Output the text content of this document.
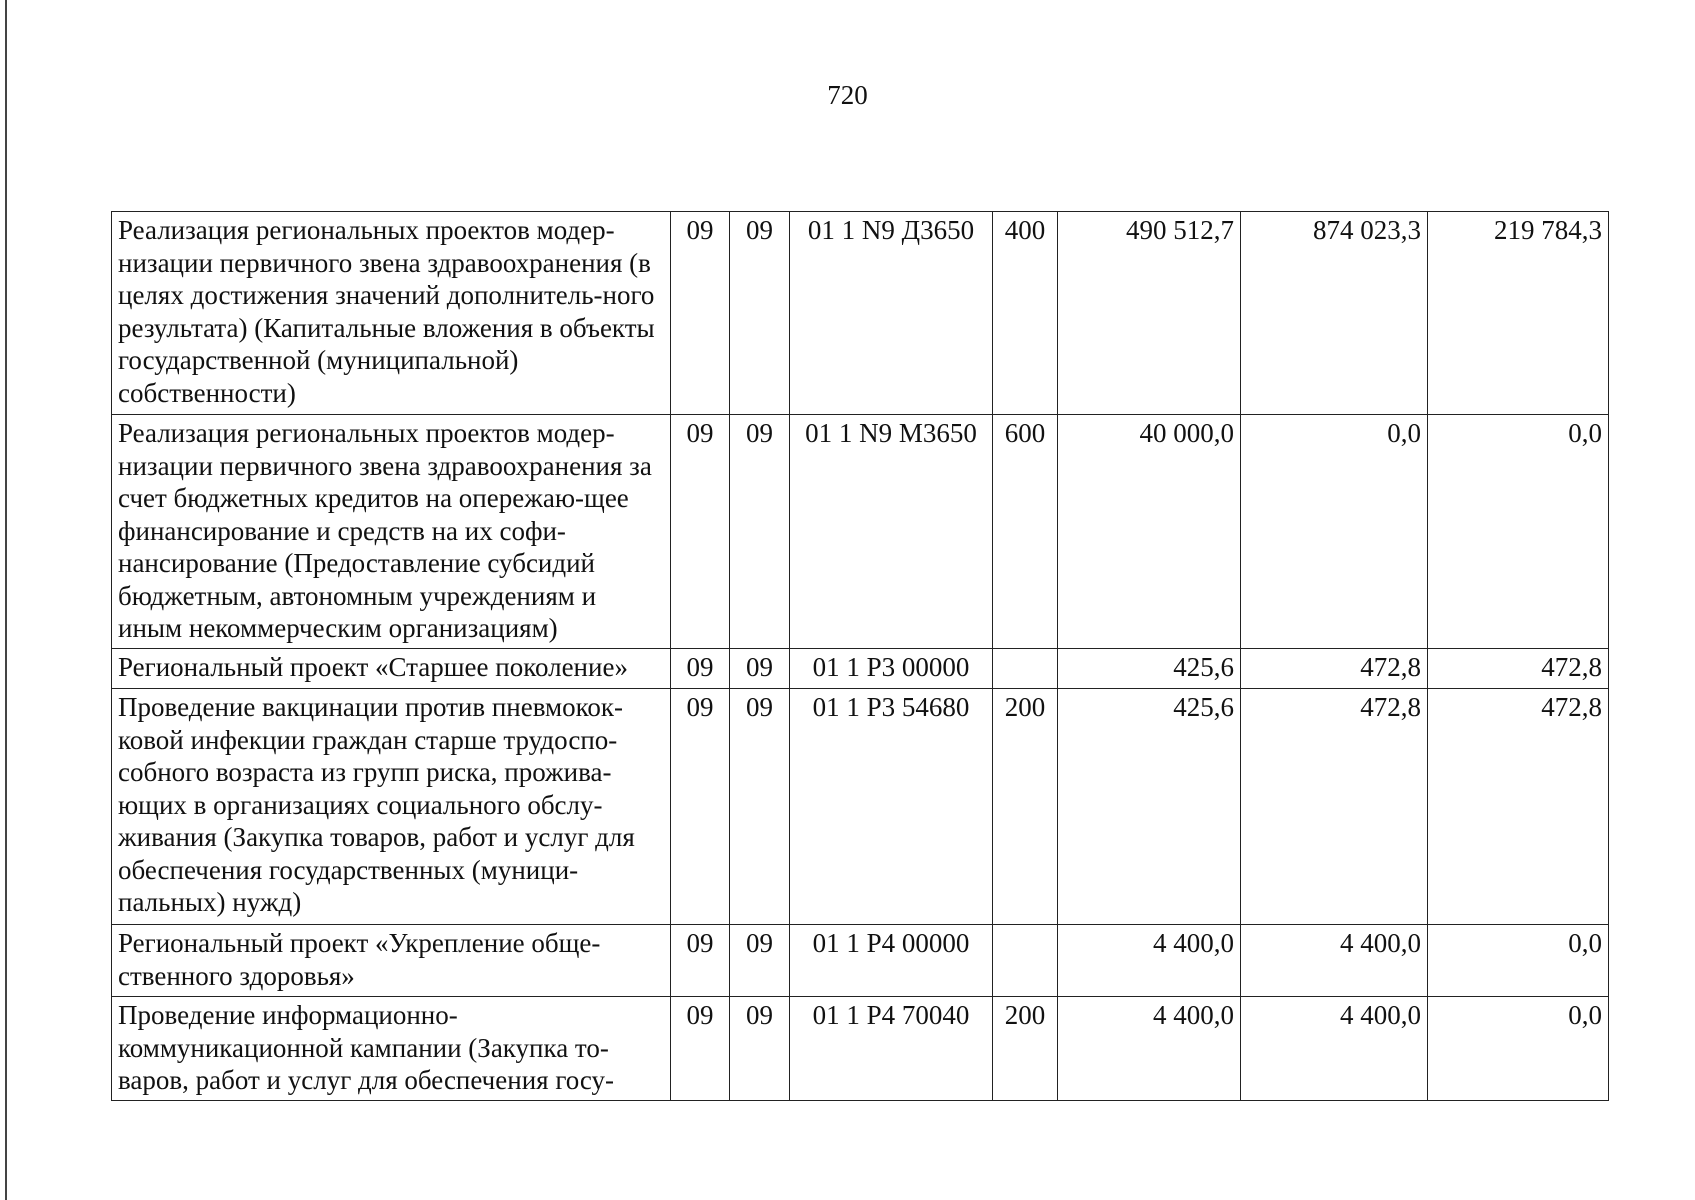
720
Реализация региональных проектов модер-низации первичного звена здравоохранения (в целях достижения значений дополнитель-ного результата) (Капитальные вложения в объекты государственной (муниципальной) собственности)	09	09	01 1 N9 Д3650	400	490 512,7	874 023,3	219 784,3
Реализация региональных проектов модер-низации первичного звена здравоохранения за счет бюджетных кредитов на опережаю-щее финансирование и средств на их софи-нансирование (Предоставление субсидий бюджетным, автономным учреждениям и иным некоммерческим организациям)	09	09	01 1 N9 М3650	600	40 000,0	0,0	0,0
Региональный проект «Старшее поколение»	09	09	01 1 P3 00000		425,6	472,8	472,8
Проведение вакцинации против пневмокок-ковой инфекции граждан старше трудоспо-собного возраста из групп риска, прожива-ющих в организациях социального обслу-живания (Закупка товаров, работ и услуг для обеспечения государственных (муници-пальных) нужд)	09	09	01 1 P3 54680	200	425,6	472,8	472,8
Региональный проект «Укрепление обще-ственного здоровья»	09	09	01 1 P4 00000		4 400,0	4 400,0	0,0
Проведение информационно-коммуникационной кампании (Закупка то-варов, работ и услуг для обеспечения госу-	09	09	01 1 P4 70040	200	4 400,0	4 400,0	0,0
